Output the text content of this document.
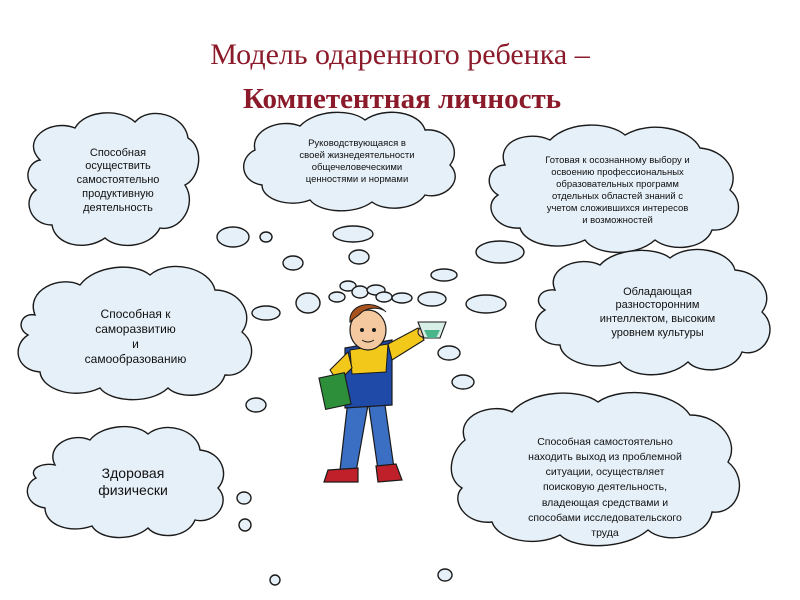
Модель одаренного ребенка –
Компетентная личность
Способная
осуществить
самостоятельно
продуктивную
деятельность
Руководствующаяся в
своей жизнедеятельности
общечеловеческими
ценностями и нормами
Готовая к осознанному выбору и
освоению профессиональных
образовательных программ
отдельных областей знаний с
учетом сложившихся интересов
и возможностей
Способная к
саморазвитию
и
самообразованию
Обладающая
разносторонним
интеллектом, высоким
уровнем культуры
Здоровая
физически
Способная самостоятельно
находить выход из проблемной
ситуации, осуществляет
поисковую деятельность,
владеющая средствами и
способами исследовательского
труда
